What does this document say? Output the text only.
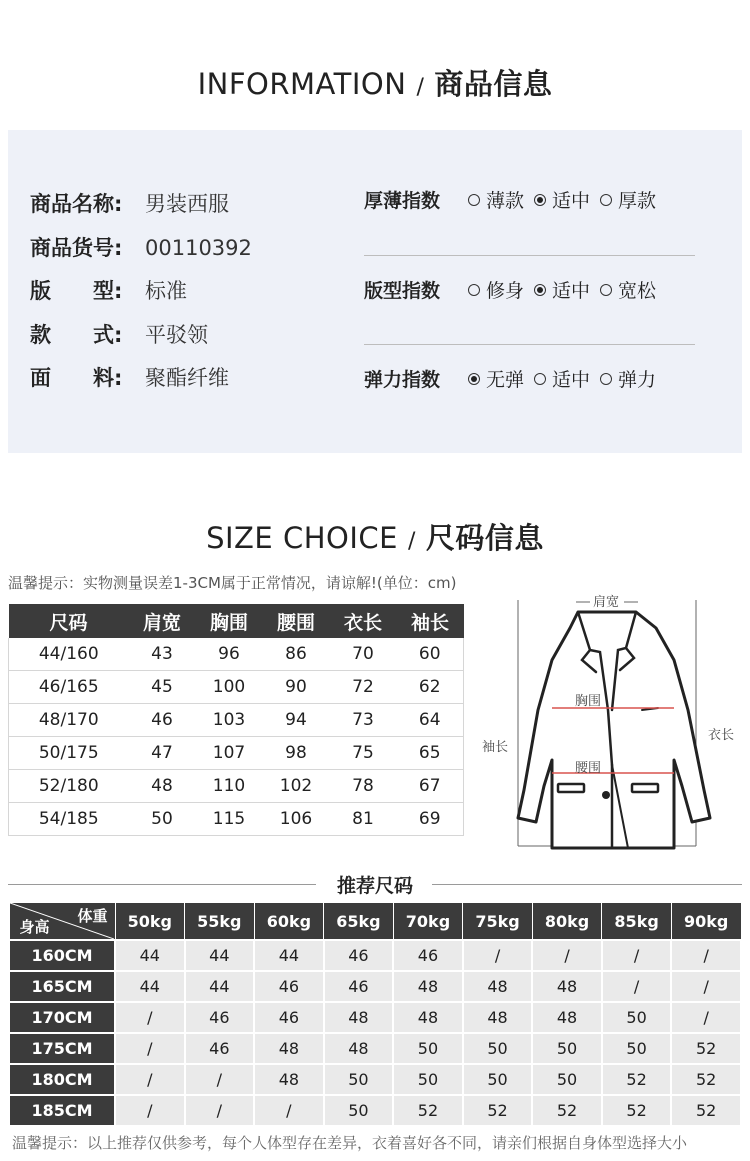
INFORMATION / 商品信息
商品名称: 男装西服
商品货号: 00110392
版　　型: 标准
款　　式: 平驳领
面　　料: 聚酯纤维
厚薄指数 薄款 适中 厚款
版型指数 修身 适中 宽松
弹力指数 无弹 适中 弹力
SIZE CHOICE / 尺码信息
温馨提示：实物测量误差1-3CM属于正常情况，请谅解!(单位：cm)
尺码	肩宽	胸围	腰围	衣长	袖长
44/160	43	96	86	70	60
46/165	45	100	90	72	62
48/170	46	103	94	73	64
50/175	47	107	98	75	65
52/180	48	110	102	78	67
54/185	50	115	106	81	69
肩宽
胸围
腰围
袖长
衣长
推荐尺码
体重
身高	50kg	55kg	60kg	65kg	70kg	75kg	80kg	85kg	90kg
160CM	44	44	44	46	46	/	/	/	/
165CM	44	44	46	46	48	48	48	/	/
170CM	/	46	46	48	48	48	48	50	/
175CM	/	46	48	48	50	50	50	50	52
180CM	/	/	48	50	50	50	50	52	52
185CM	/	/	/	50	52	52	52	52	52
温馨提示：以上推荐仅供参考，每个人体型存在差异，衣着喜好各不同，请亲们根据自身体型选择大小
